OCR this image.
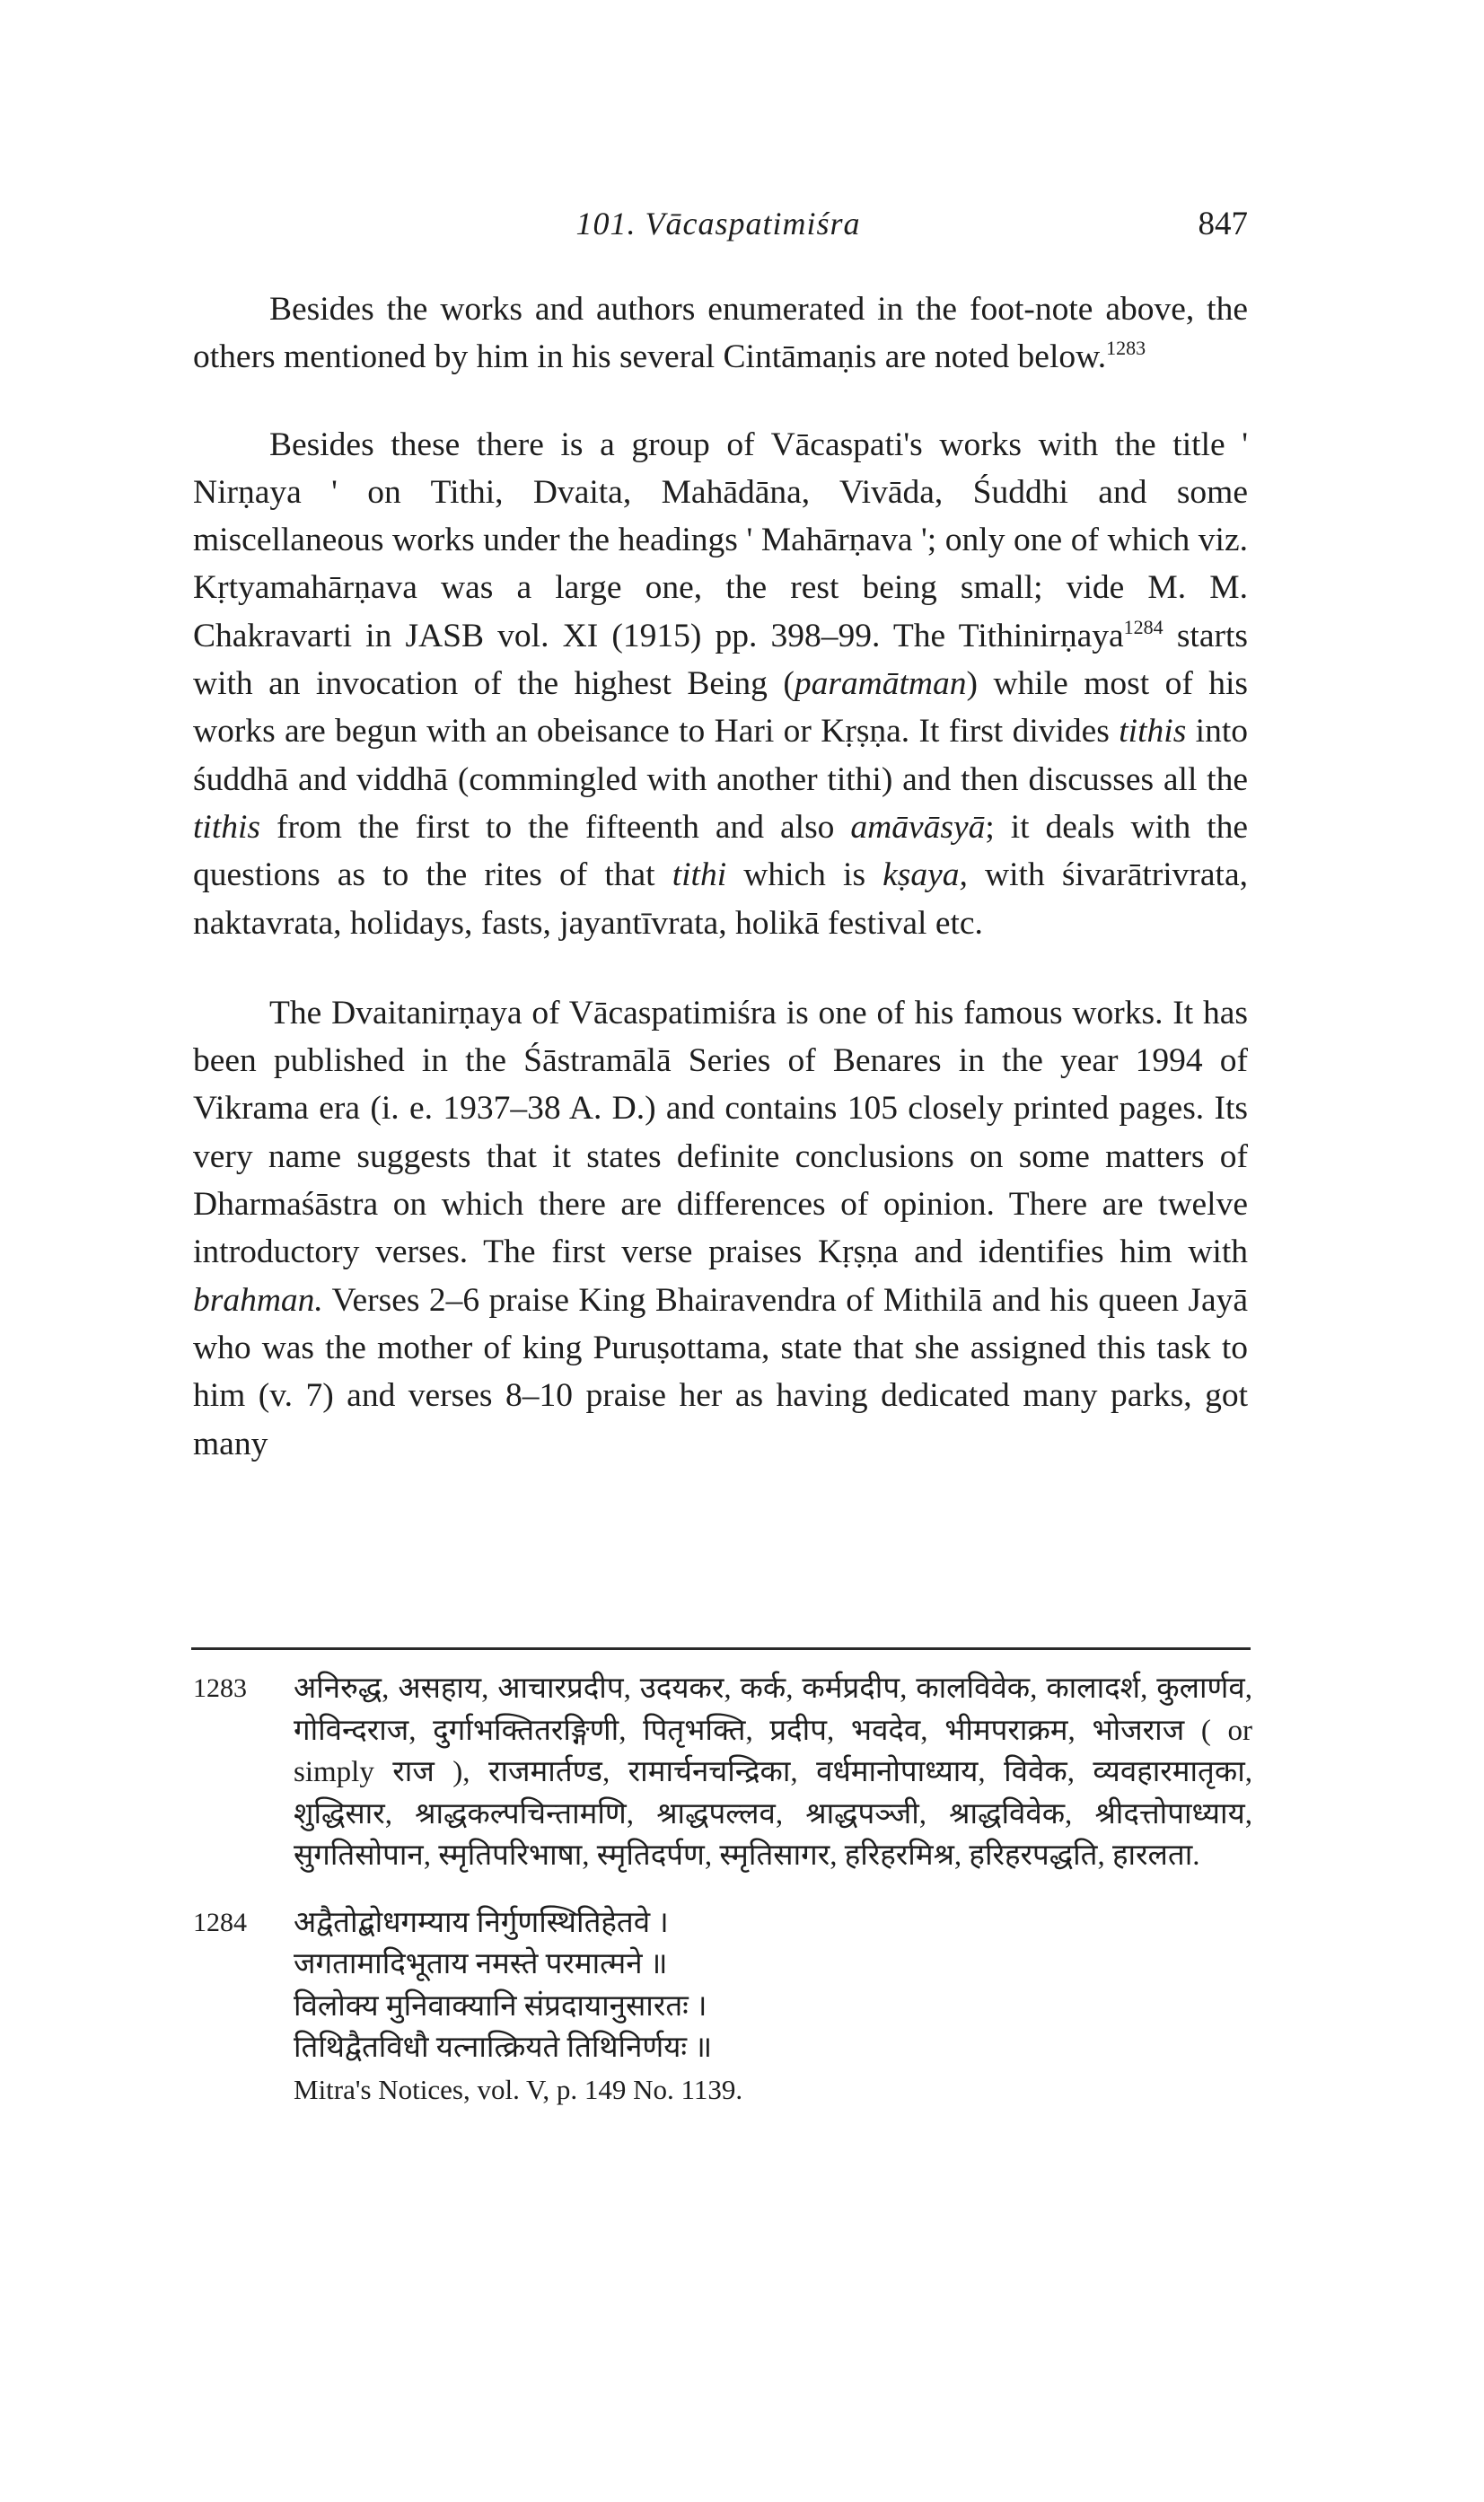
101. Vācaspatimiśra	847

Besides the works and authors enumerated in the foot-note above, the others mentioned by him in his several Cintāmaṇis are noted below.$^{1283}$

Besides these there is a group of Vācaspati's works with the title ' Nirṇaya ' on Tithi, Dvaita, Mahādāna, Vivāda, Śuddhi and some miscellaneous works under the headings ' Mahārṇava '; only one of which viz. Kṛtyamahārṇava was a large one, the rest being small; vide M. M. Chakravarti in JASB vol. XI (1915) pp. 398–99. The Tithinirṇaya$^{1284}$ starts with an invocation of the highest Being (paramātman) while most of his works are begun with an obeisance to Hari or Kṛṣṇa. It first divides tithis into śuddhā and viddhā (commingled with another tithi) and then discusses all the tithis from the first to the fifteenth and also amāvāsyā; it deals with the questions as to the rites of that tithi which is kṣaya, with śivarātrivrata, naktavrata, holidays, fasts, jayantīvrata, holikā festival etc.

The Dvaitanirṇaya of Vācaspatimiśra is one of his famous works. It has been published in the Śāstramālā Series of Benares in the year 1994 of Vikrama era (i. e. 1937–38 A. D.) and contains 105 closely printed pages. Its very name suggests that it states definite conclusions on some matters of Dharmaśāstra on which there are differences of opinion. There are twelve introductory verses. The first verse praises Kṛṣṇa and identifies him with brahman. Verses 2–6 praise King Bhairavendra of Mithilā and his queen Jayā who was the mother of king Puruṣottama, state that she assigned this task to him (v. 7) and verses 8–10 praise her as having dedicated many parks, got many

1283 अनिरुद्ध, असहाय, आचारप्रदीप, उदयकर, कर्क, कर्मप्रदीप, कालविवेक, कालादर्श, कुलार्णव, गोविन्दराज, दुर्गाभक्तितरङ्गिणी, पितृभक्ति, प्रदीप, भवदेव, भीमपराक्रम, भोजराज ( or simply राज ), राजमार्तण्ड, रामार्चनचन्द्रिका, वर्धमानोपाध्याय, विवेक, व्यवहारमातृका, शुद्धिसार, श्राद्धकल्पचिन्तामणि, श्राद्धपल्लव, श्राद्धपञ्जी, श्राद्धविवेक, श्रीदत्तोपाध्याय, सुगतिसोपान, स्मृतिपरिभाषा, स्मृतिदर्पण, स्मृतिसागर, हरिहरमिश्र, हरिहरपद्धति, हारलता.
1284 अद्वैतोद्बोधगम्याय निर्गुणस्थितिहेतवे ।
जगतामादिभूताय नमस्ते परमात्मने ॥
विलोक्य मुनिवाक्यानि संप्रदायानुसारतः ।
तिथिद्वैतविधौ यत्नात्क्रियते तिथिनिर्णयः ॥
Mitra's Notices, vol. V, p. 149 No. 1139.
